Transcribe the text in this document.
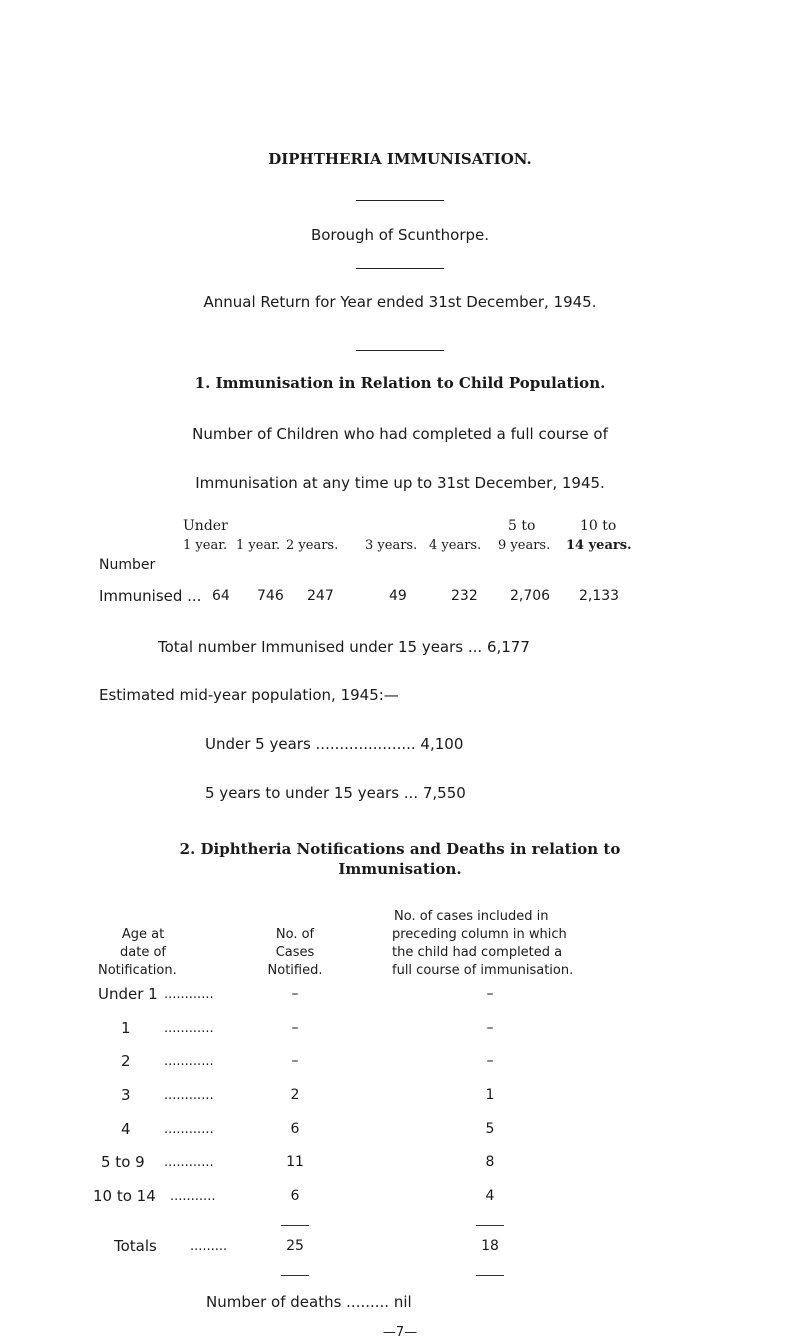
DIPHTHERIA IMMUNISATION.
Borough of Scunthorpe.
Annual Return for Year ended 31st December, 1945.
1. Immunisation in Relation to Child Population.
Number of Children who had completed a full course of
Immunisation at any time up to 31st December, 1945.
Under	5 to	10 to
1 year. 1 year. 2 years. 3 years. 4 years. 9 years. 14 years.
Number
Immunised ... 64 746 247	49	232 2,706 2,133
Total number Immunised under 15 years ... 6,177
Estimated mid-year population, 1945:—
Under 5 years ..................... 4,100
5 years to under 15 years ... 7,550
2. Diphtheria Notifications and Deaths in relation to
Immunisation.
Age at
date of
Notification.
No. of
Cases
Notified.
No. of cases included in
preceding column in which
the child had completed a
full course of immunisation.
Under 1 ............	–	–
1	............	–	–
2	............	–	–
3	............	2	1
4	............	6	5
5 to 9 ............	11	8
10 to 14 ...........	6	4
Totals	.........	25	18
Number of deaths ......... nil
—7—
